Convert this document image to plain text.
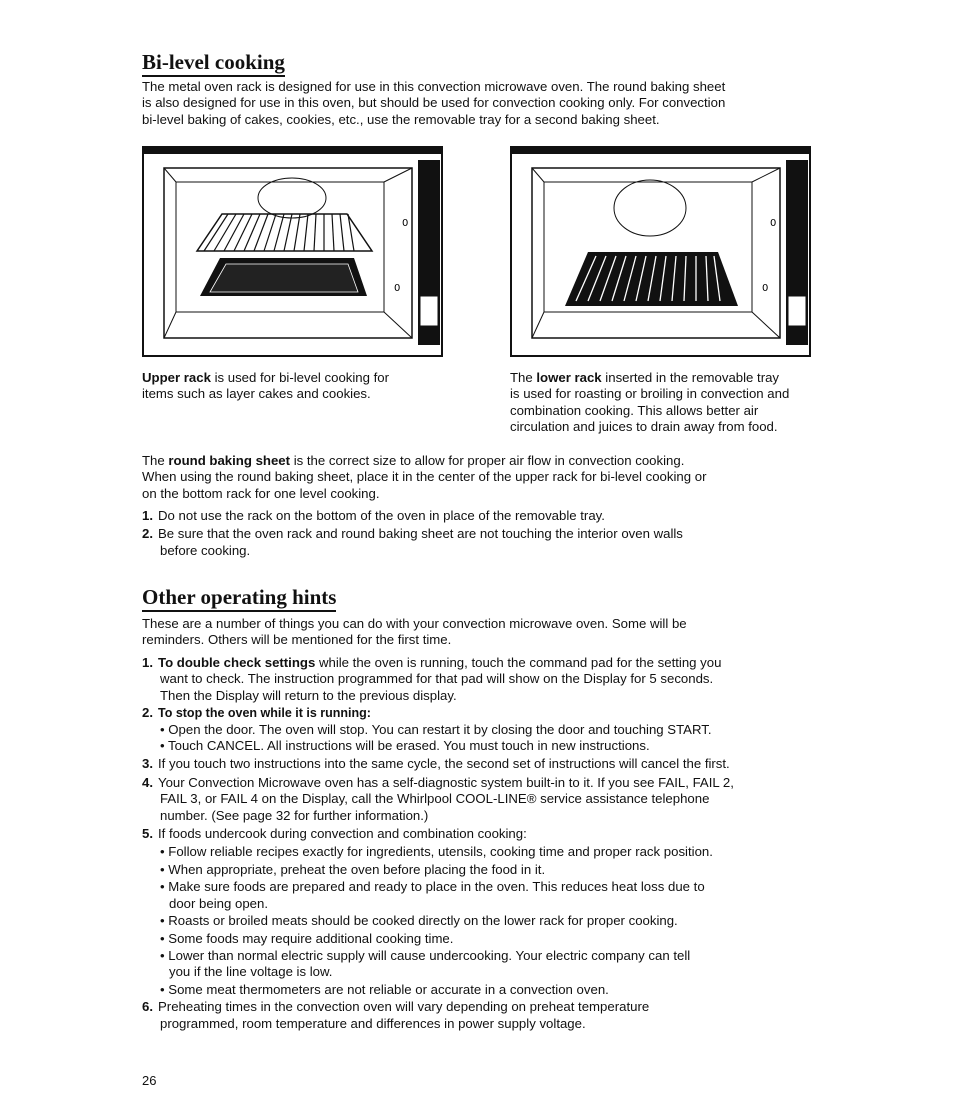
Bi-level cooking
The metal oven rack is designed for use in this convection microwave oven. The round baking sheet
is also designed for use in this oven, but should be used for convection cooking only. For convection
bi-level baking of cakes, cookies, etc., use the removable tray for a second baking sheet.
0
0
0
0
Upper rack is used for bi-level cooking for
items such as layer cakes and cookies.
The lower rack inserted in the removable tray
is used for roasting or broiling in convection and
combination cooking. This allows better air
circulation and juices to drain away from food.
The round baking sheet is the correct size to allow for proper air flow in convection cooking.
When using the round baking sheet, place it in the center of the upper rack for bi-level cooking or
on the bottom rack for one level cooking.
1. Do not use the rack on the bottom of the oven in place of the removable tray.
2. Be sure that the oven rack and round baking sheet are not touching the interior oven walls
before cooking.
Other operating hints
These are a number of things you can do with your convection microwave oven. Some will be
reminders. Others will be mentioned for the first time.
1. To double check settings while the oven is running, touch the command pad for the setting you
want to check. The instruction programmed for that pad will show on the Display for 5 seconds.
Then the Display will return to the previous display.
2. To stop the oven while it is running:
• Open the door. The oven will stop. You can restart it by closing the door and touching START.
• Touch CANCEL. All instructions will be erased. You must touch in new instructions.
3. If you touch two instructions into the same cycle, the second set of instructions will cancel the first.
4. Your Convection Microwave oven has a self-diagnostic system built-in to it. If you see FAIL, FAIL 2,
FAIL 3, or FAIL 4 on the Display, call the Whirlpool COOL-LINE® service assistance telephone
number. (See page 32 for further information.)
5. If foods undercook during convection and combination cooking:
• Follow reliable recipes exactly for ingredients, utensils, cooking time and proper rack position.
• When appropriate, preheat the oven before placing the food in it.
• Make sure foods are prepared and ready to place in the oven. This reduces heat loss due to
door being open.
• Roasts or broiled meats should be cooked directly on the lower rack for proper cooking.
• Some foods may require additional cooking time.
• Lower than normal electric supply will cause undercooking. Your electric company can tell
you if the line voltage is low.
• Some meat thermometers are not reliable or accurate in a convection oven.
6. Preheating times in the convection oven will vary depending on preheat temperature
programmed, room temperature and differences in power supply voltage.
26
